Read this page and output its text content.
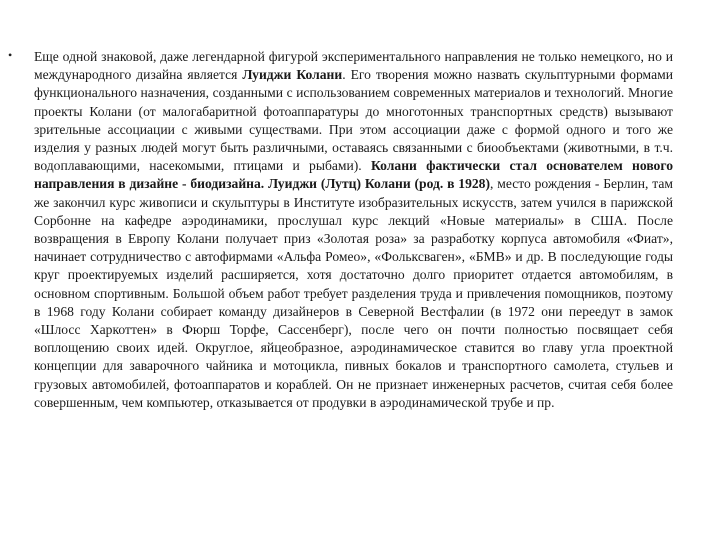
• Еще одной знаковой, даже легендарной фигурой экспериментального направления не только немецкого, но и международного дизайна является Луиджи Колани. Его творения можно назвать скульптурными формами функционального назначения, созданными с использованием современных материалов и технологий. Многие проекты Колани (от малогабаритной фотоаппаратуры до многотонных транспортных средств) вызывают зрительные ассоциации с живыми существами. При этом ассоциации даже с формой одного и того же изделия у разных людей могут быть различными, оставаясь связанными с биообъектами (животными, в т.ч. водоплавающими, насекомыми, птицами и рыбами). Колани фактически стал основателем нового направления в дизайне - биодизайна. Луиджи (Лутц) Колани (род. в 1928), место рождения - Берлин, там же закончил курс живописи и скульптуры в Институте изобразительных искусств, затем учился в парижской Сорбонне на кафедре аэродинамики, прослушал курс лекций «Новые материалы» в США. После возвращения в Европу Колани получает приз «Золотая роза» за разработку корпуса автомобиля «Фиат», начинает сотрудничество с автофирмами «Альфа Ромео», «Фольксваген», «БМВ» и др. В последующие годы круг проектируемых изделий расширяется, хотя достаточно долго приоритет отдается автомобилям, в основном спортивным. Большой объем работ требует разделения труда и привлечения помощников, поэтому в 1968 году Колани собирает команду дизайнеров в Северной Вестфалии (в 1972 они переедут в замок «Шлосс Харкоттен» в Фюрш Торфе, Сассенберг), после чего он почти полностью посвящает себя воплощению своих идей. Округлое, яйцеобразное, аэродинамическое ставится во главу угла проектной концепции для заварочного чайника и мотоцикла, пивных бокалов и транспортного самолета, стульев и грузовых автомобилей, фотоаппаратов и кораблей. Он не признает инженерных расчетов, считая себя более совершенным, чем компьютер, отказывается от продувки в аэродинамической трубе и пр.
